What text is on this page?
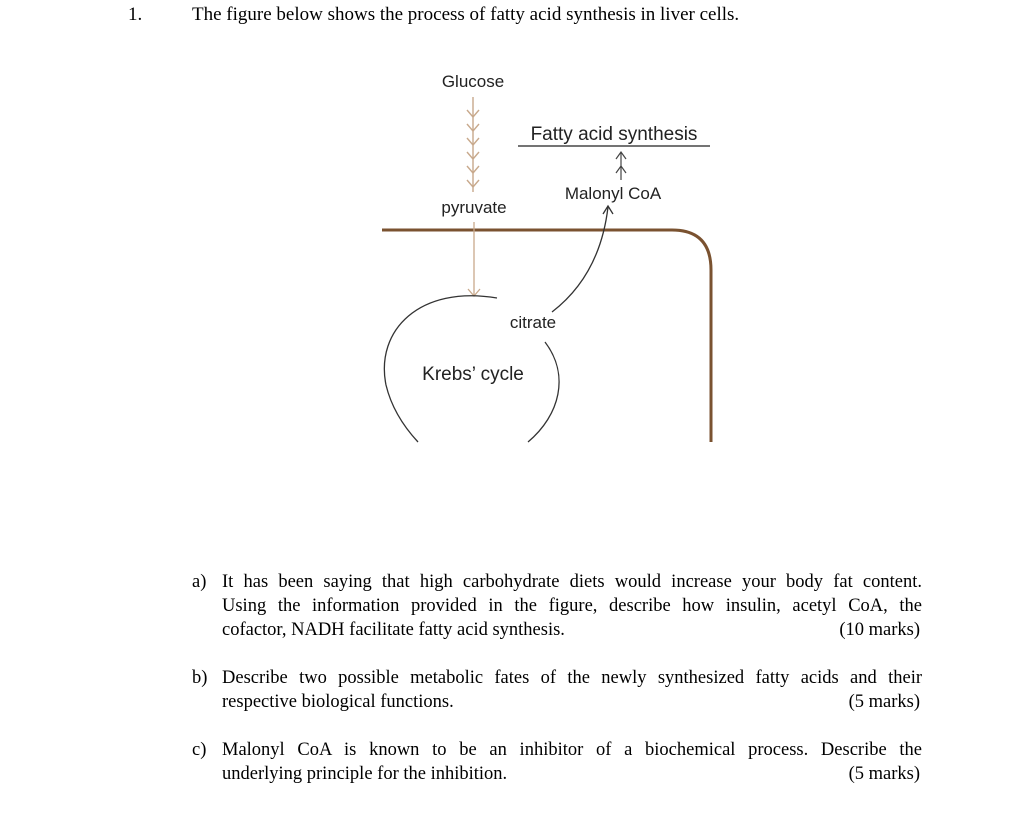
1.	The figure below shows the process of fatty acid synthesis in liver cells.
Glucose
Fatty acid synthesis
Malonyl CoA
pyruvate
citrate
Krebs’ cycle
a) It has been saying that high carbohydrate diets would increase your body fat content.
Using the information provided in the figure, describe how insulin, acetyl CoA, the
cofactor, NADH facilitate fatty acid synthesis.	(10 marks)
b) Describe two possible metabolic fates of the newly synthesized fatty acids and their
respective biological functions.	(5 marks)
c) Malonyl CoA is known to be an inhibitor of a biochemical process. Describe the
underlying principle for the inhibition.	(5 marks)
